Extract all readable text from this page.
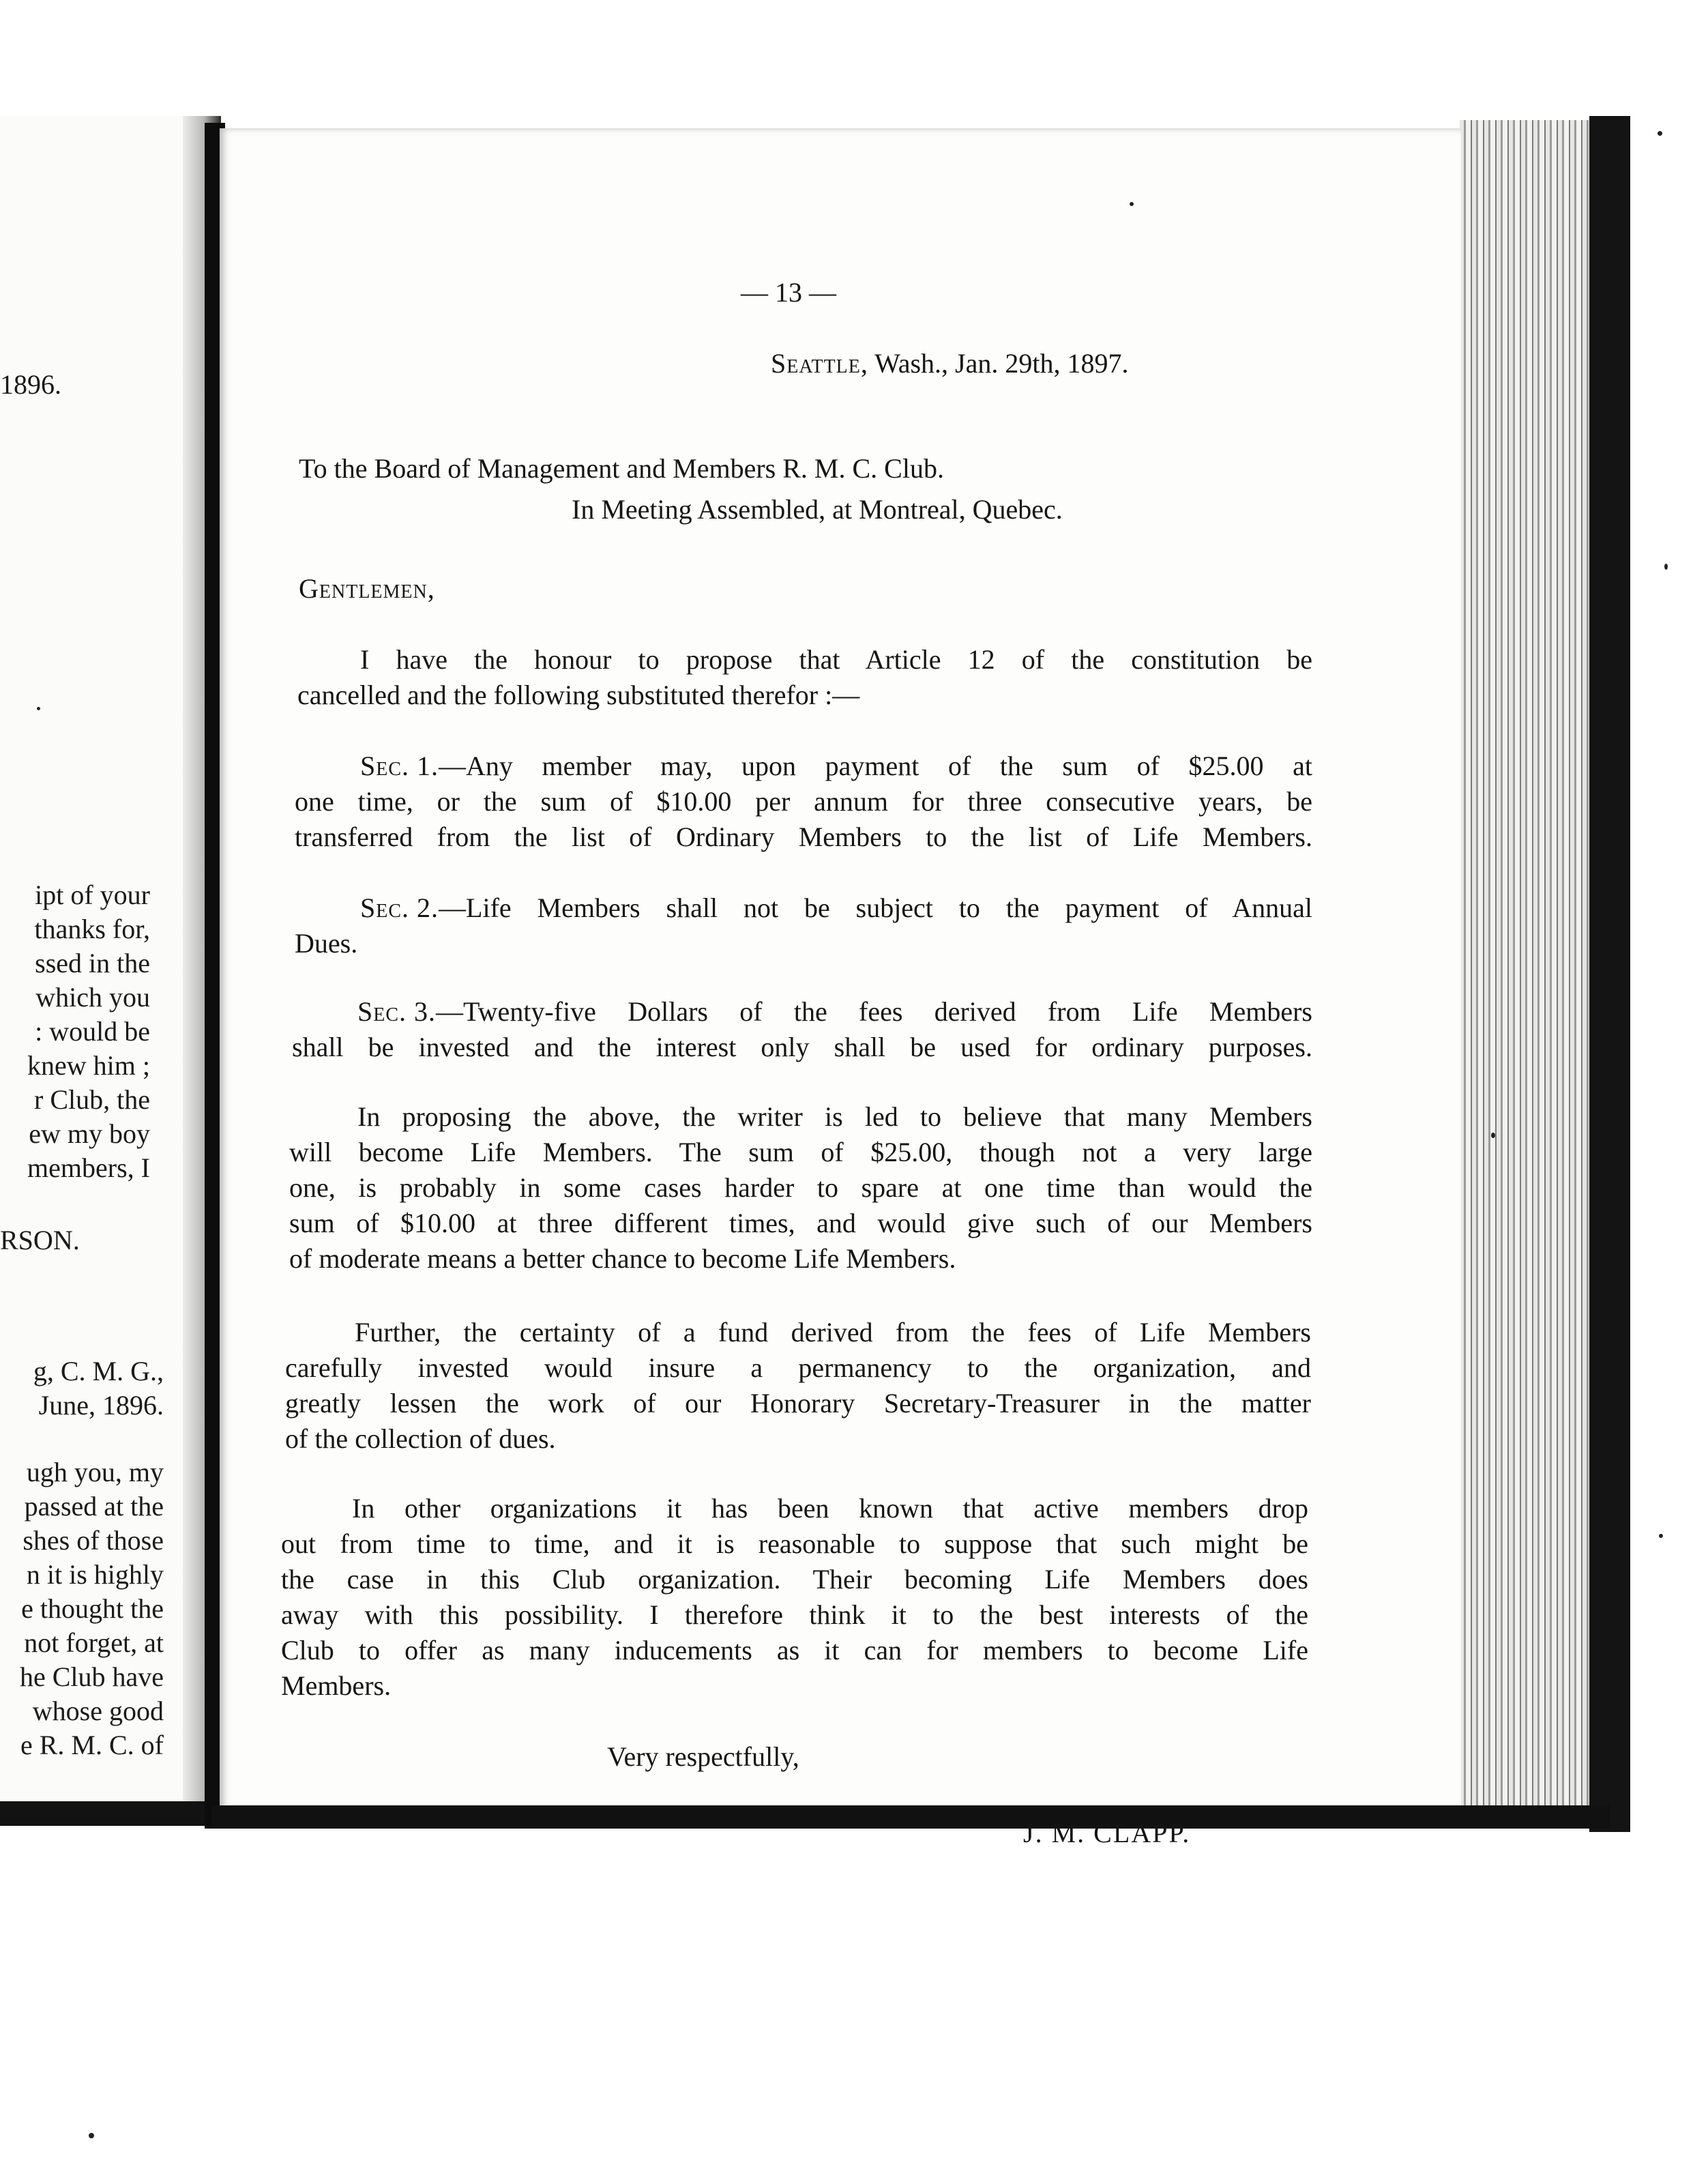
1896.
ipt of your
thanks for,
ssed in the
which you
: would be
knew him ;
r Club, the
ew my boy
members, I
RSON.
g, C. M. G.,
June, 1896.
ugh you, my
passed at the
shes of those
n it is highly
e thought the
not forget, at
he Club have
whose good
e R. M. C. of
— 13 —
Seattle, Wash., Jan. 29th, 1897.
To the Board of Management and Members R. M. C. Club.
In Meeting Assembled, at Montreal, Quebec.
Gentlemen,
I have the honour to propose that Article 12 of the constitution be
cancelled and the following substituted therefor :—
Sec. 1. —Any member may, upon payment of the sum of $25.00 at
one time, or the sum of $10.00 per annum for three consecutive years, be
transferred from the list of Ordinary Members to the list of Life Members.
Sec. 2. —Life Members shall not be subject to the payment of Annual
Dues.
Sec. 3. —Twenty-five Dollars of the fees derived from Life Members
shall be invested and the interest only shall be used for ordinary purposes.
In proposing the above, the writer is led to believe that many Members
will become Life Members. The sum of $25.00, though not a very large
one, is probably in some cases harder to spare at one time than would the
sum of $10.00 at three different times, and would give such of our Members
of moderate means a better chance to become Life Members.
Further, the certainty of a fund derived from the fees of Life Members
carefully invested would insure a permanency to the organization, and
greatly lessen the work of our Honorary Secretary-Treasurer in the matter
of the collection of dues.
In other organizations it has been known that active members drop
out from time to time, and it is reasonable to suppose that such might be
the case in this Club organization. Their becoming Life Members does
away with this possibility. I therefore think it to the best interests of the
Club to offer as many inducements as it can for members to become Life
Members.
Very respectfully,
J. M. CLAPP.
